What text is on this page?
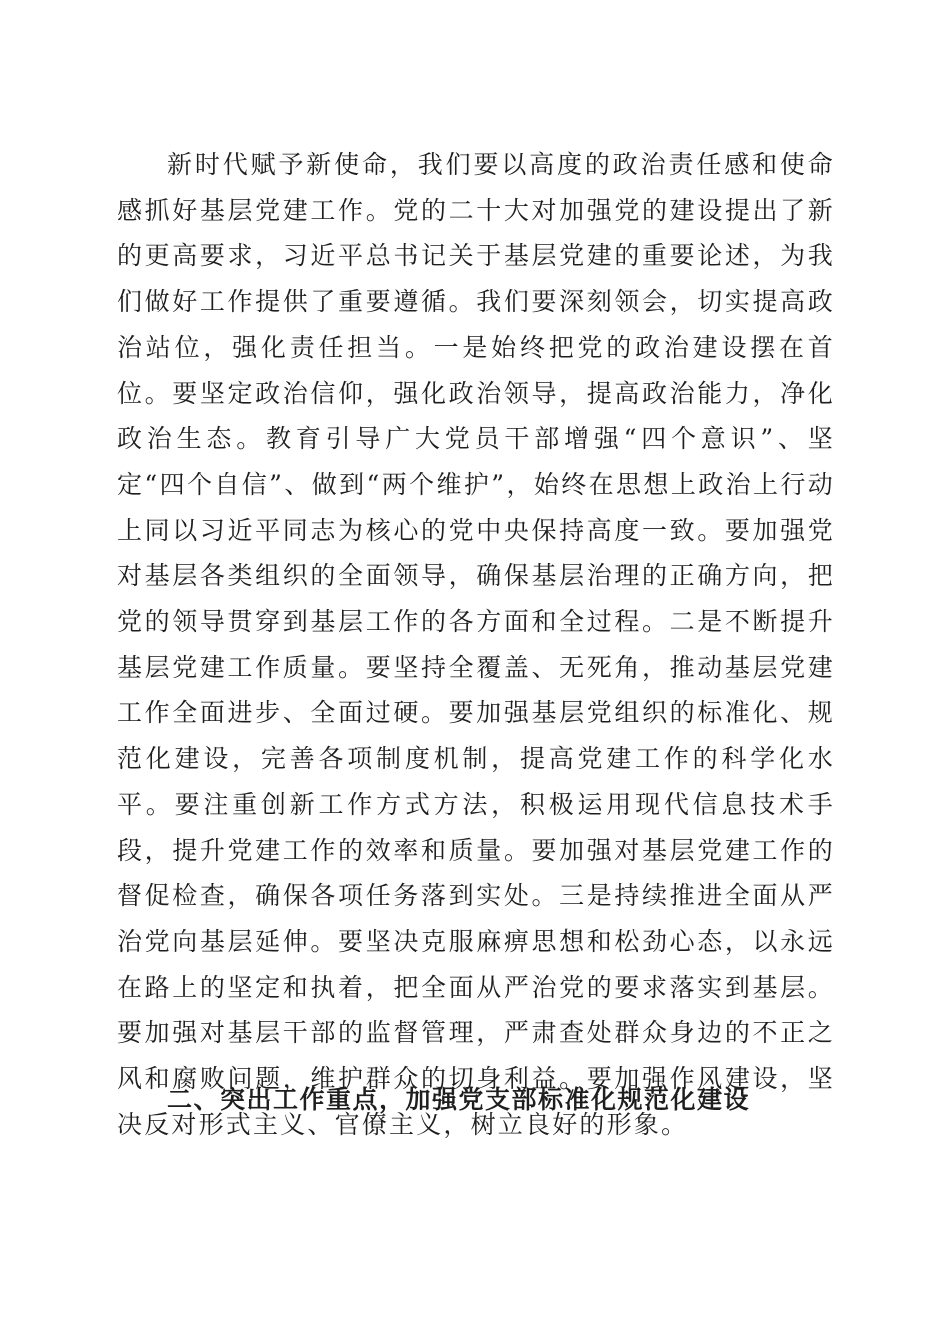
新时代赋予新使命，我们要以高度的政治责任感和使命感抓好基层党建工作。党的二十大对加强党的建设提出了新的更高要求，习近平总书记关于基层党建的重要论述，为我们做好工作提供了重要遵循。我们要深刻领会，切实提高政治站位，强化责任担当。一是始终把党的政治建设摆在首位。要坚定政治信仰，强化政治领导，提高政治能力，净化政治生态。教育引导广大党员干部增强“四个意识”、坚定“四个自信”、做到“两个维护”，始终在思想上政治上行动上同以习近平同志为核心的党中央保持高度一致。要加强党对基层各类组织的全面领导，确保基层治理的正确方向，把党的领导贯穿到基层工作的各方面和全过程。二是不断提升基层党建工作质量。要坚持全覆盖、无死角，推动基层党建工作全面进步、全面过硬。要加强基层党组织的标准化、规范化建设，完善各项制度机制，提高党建工作的科学化水平。要注重创新工作方式方法，积极运用现代信息技术手段，提升党建工作的效率和质量。要加强对基层党建工作的督促检查，确保各项任务落到实处。三是持续推进全面从严治党向基层延伸。要坚决克服麻痹思想和松劲心态，以永远在路上的坚定和执着，把全面从严治党的要求落实到基层。要加强对基层干部的监督管理，严肃查处群众身边的不正之风和腐败问题，维护群众的切身利益。要加强作风建设，坚决反对形式主义、官僚主义，树立良好的形象。

二、突出工作重点，加强党支部标准化规范化建设
